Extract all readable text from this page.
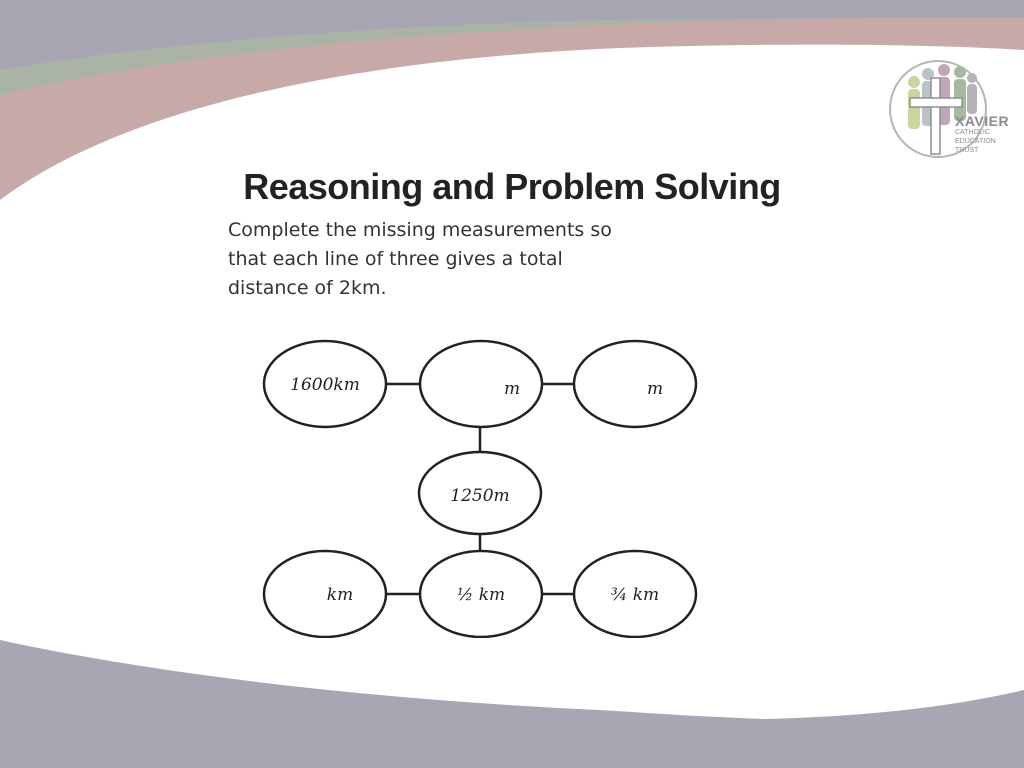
XAVIER
CATHOLIC
EDUCATION
TRUST
Reasoning and Problem Solving
Complete the missing measurements so
that each line of three gives a total
distance of 2km.
1600km	m	m
1250m
km	½ km	¾ km
